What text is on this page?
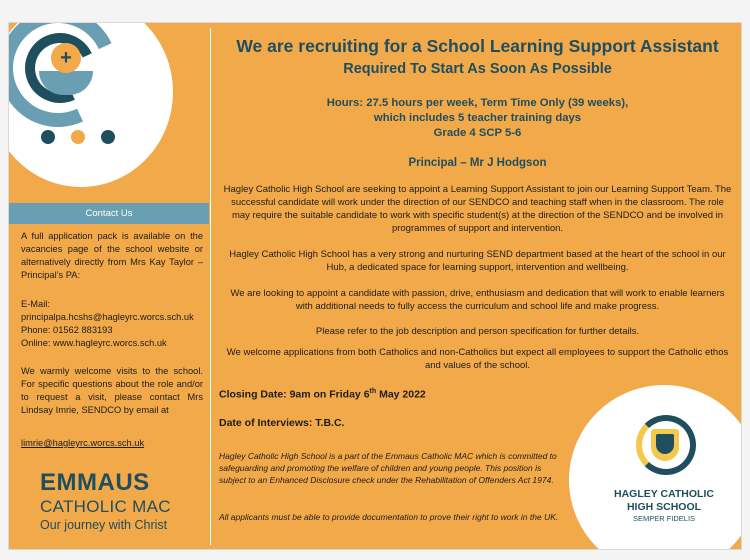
+
Contact Us
A full application pack is available on the vacancies page of the school website or alternatively directly from Mrs Kay Taylor – Principal’s PA:

E-Mail:

principalpa.hcshs@hagleyrc.worcs.sch.uk

Phone: 01562 883193

Online: www.hagleyrc.worcs.sch.uk

We warmly welcome visits to the school. For specific questions about the role and/or to request a visit, please contact Mrs Lindsay Imrie, SENDCO by email at
limrie@hagleyrc.worcs.sch.uk
EMMAUS
CATHOLIC MAC
Our journey with Christ
We are recruiting for a School Learning Support Assistant
Required To Start As Soon As Possible
Hours: 27.5 hours per week, Term Time Only (39 weeks),
which includes 5 teacher training days
Grade 4 SCP 5-6
Principal – Mr J Hodgson

Hagley Catholic High School are seeking to appoint a Learning Support Assistant to join our Learning Support Team. The successful candidate will work under the direction of our SENDCO and teaching staff when in the classroom. The role may require the suitable candidate to work with specific student(s) at the direction of the SENDCO and be involved in programmes of support and intervention.

Hagley Catholic High School has a very strong and nurturing SEND department based at the heart of the school in our Hub, a dedicated space for learning support, intervention and wellbeing.

We are looking to appoint a candidate with passion, drive, enthusiasm and dedication that will work to enable learners with additional needs to fully access the curriculum and school life and make progress.

Please refer to the job description and person specification for further details.

We welcome applications from both Catholics and non-Catholics but expect all employees to support the Catholic ethos and values of the school.

Closing Date: 9am on Friday 6th May 2022
Date of Interviews: T.B.C.

Hagley Catholic High School is a part of the Emmaus Catholic MAC which is committed to safeguarding and promoting the welfare of children and young people. This position is subject to an Enhanced Disclosure check under the Rehabilitation of Offenders Act 1974.

All applicants must be able to provide documentation to prove their right to work in the UK.

HAGLEY CATHOLIC
HIGH SCHOOL
SEMPER FIDELIS
